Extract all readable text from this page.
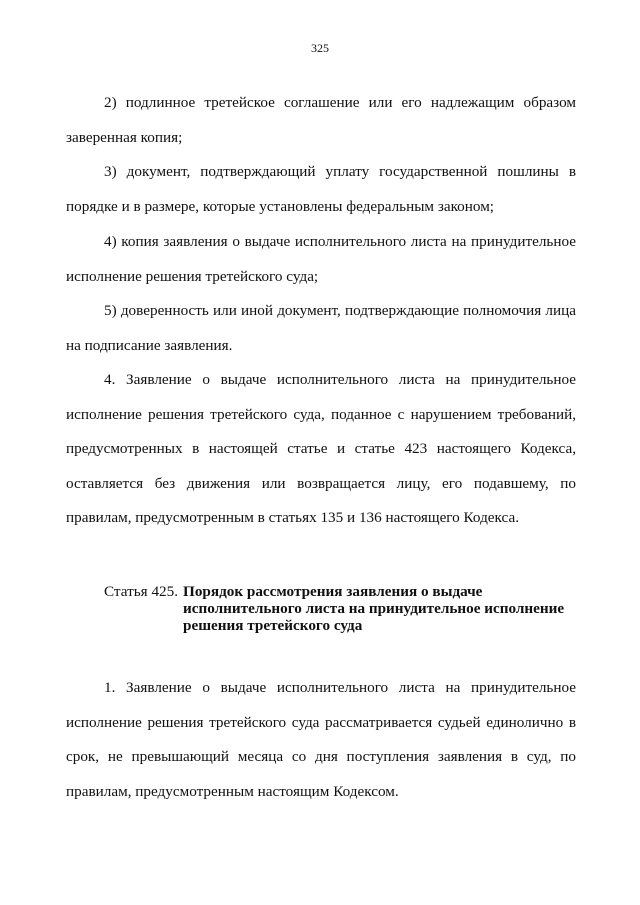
325

2) подлинное третейское соглашение или его надлежащим образом заверенная копия;

3) документ, подтверждающий уплату государственной пошлины в порядке и в размере, которые установлены федеральным законом;

4) копия заявления о выдаче исполнительного листа на принудительное исполнение решения третейского суда;

5) доверенность или иной документ, подтверждающие полномочия лица на подписание заявления.

4. Заявление о выдаче исполнительного листа на принудительное исполнение решения третейского суда, поданное с нарушением требований, предусмотренных в настоящей статье и статье 423 настоящего Кодекса, оставляется без движения или возвращается лицу, его подавшему, по правилам, предусмотренным в статьях 135 и 136 настоящего Кодекса.

Статья 425. Порядок рассмотрения заявления о выдаче
исполнительного листа на принудительное исполнение
решения третейского суда

1. Заявление о выдаче исполнительного листа на принудительное исполнение решения третейского суда рассматривается судьей единолично в срок, не превышающий месяца со дня поступления заявления в суд, по правилам, предусмотренным настоящим Кодексом.
